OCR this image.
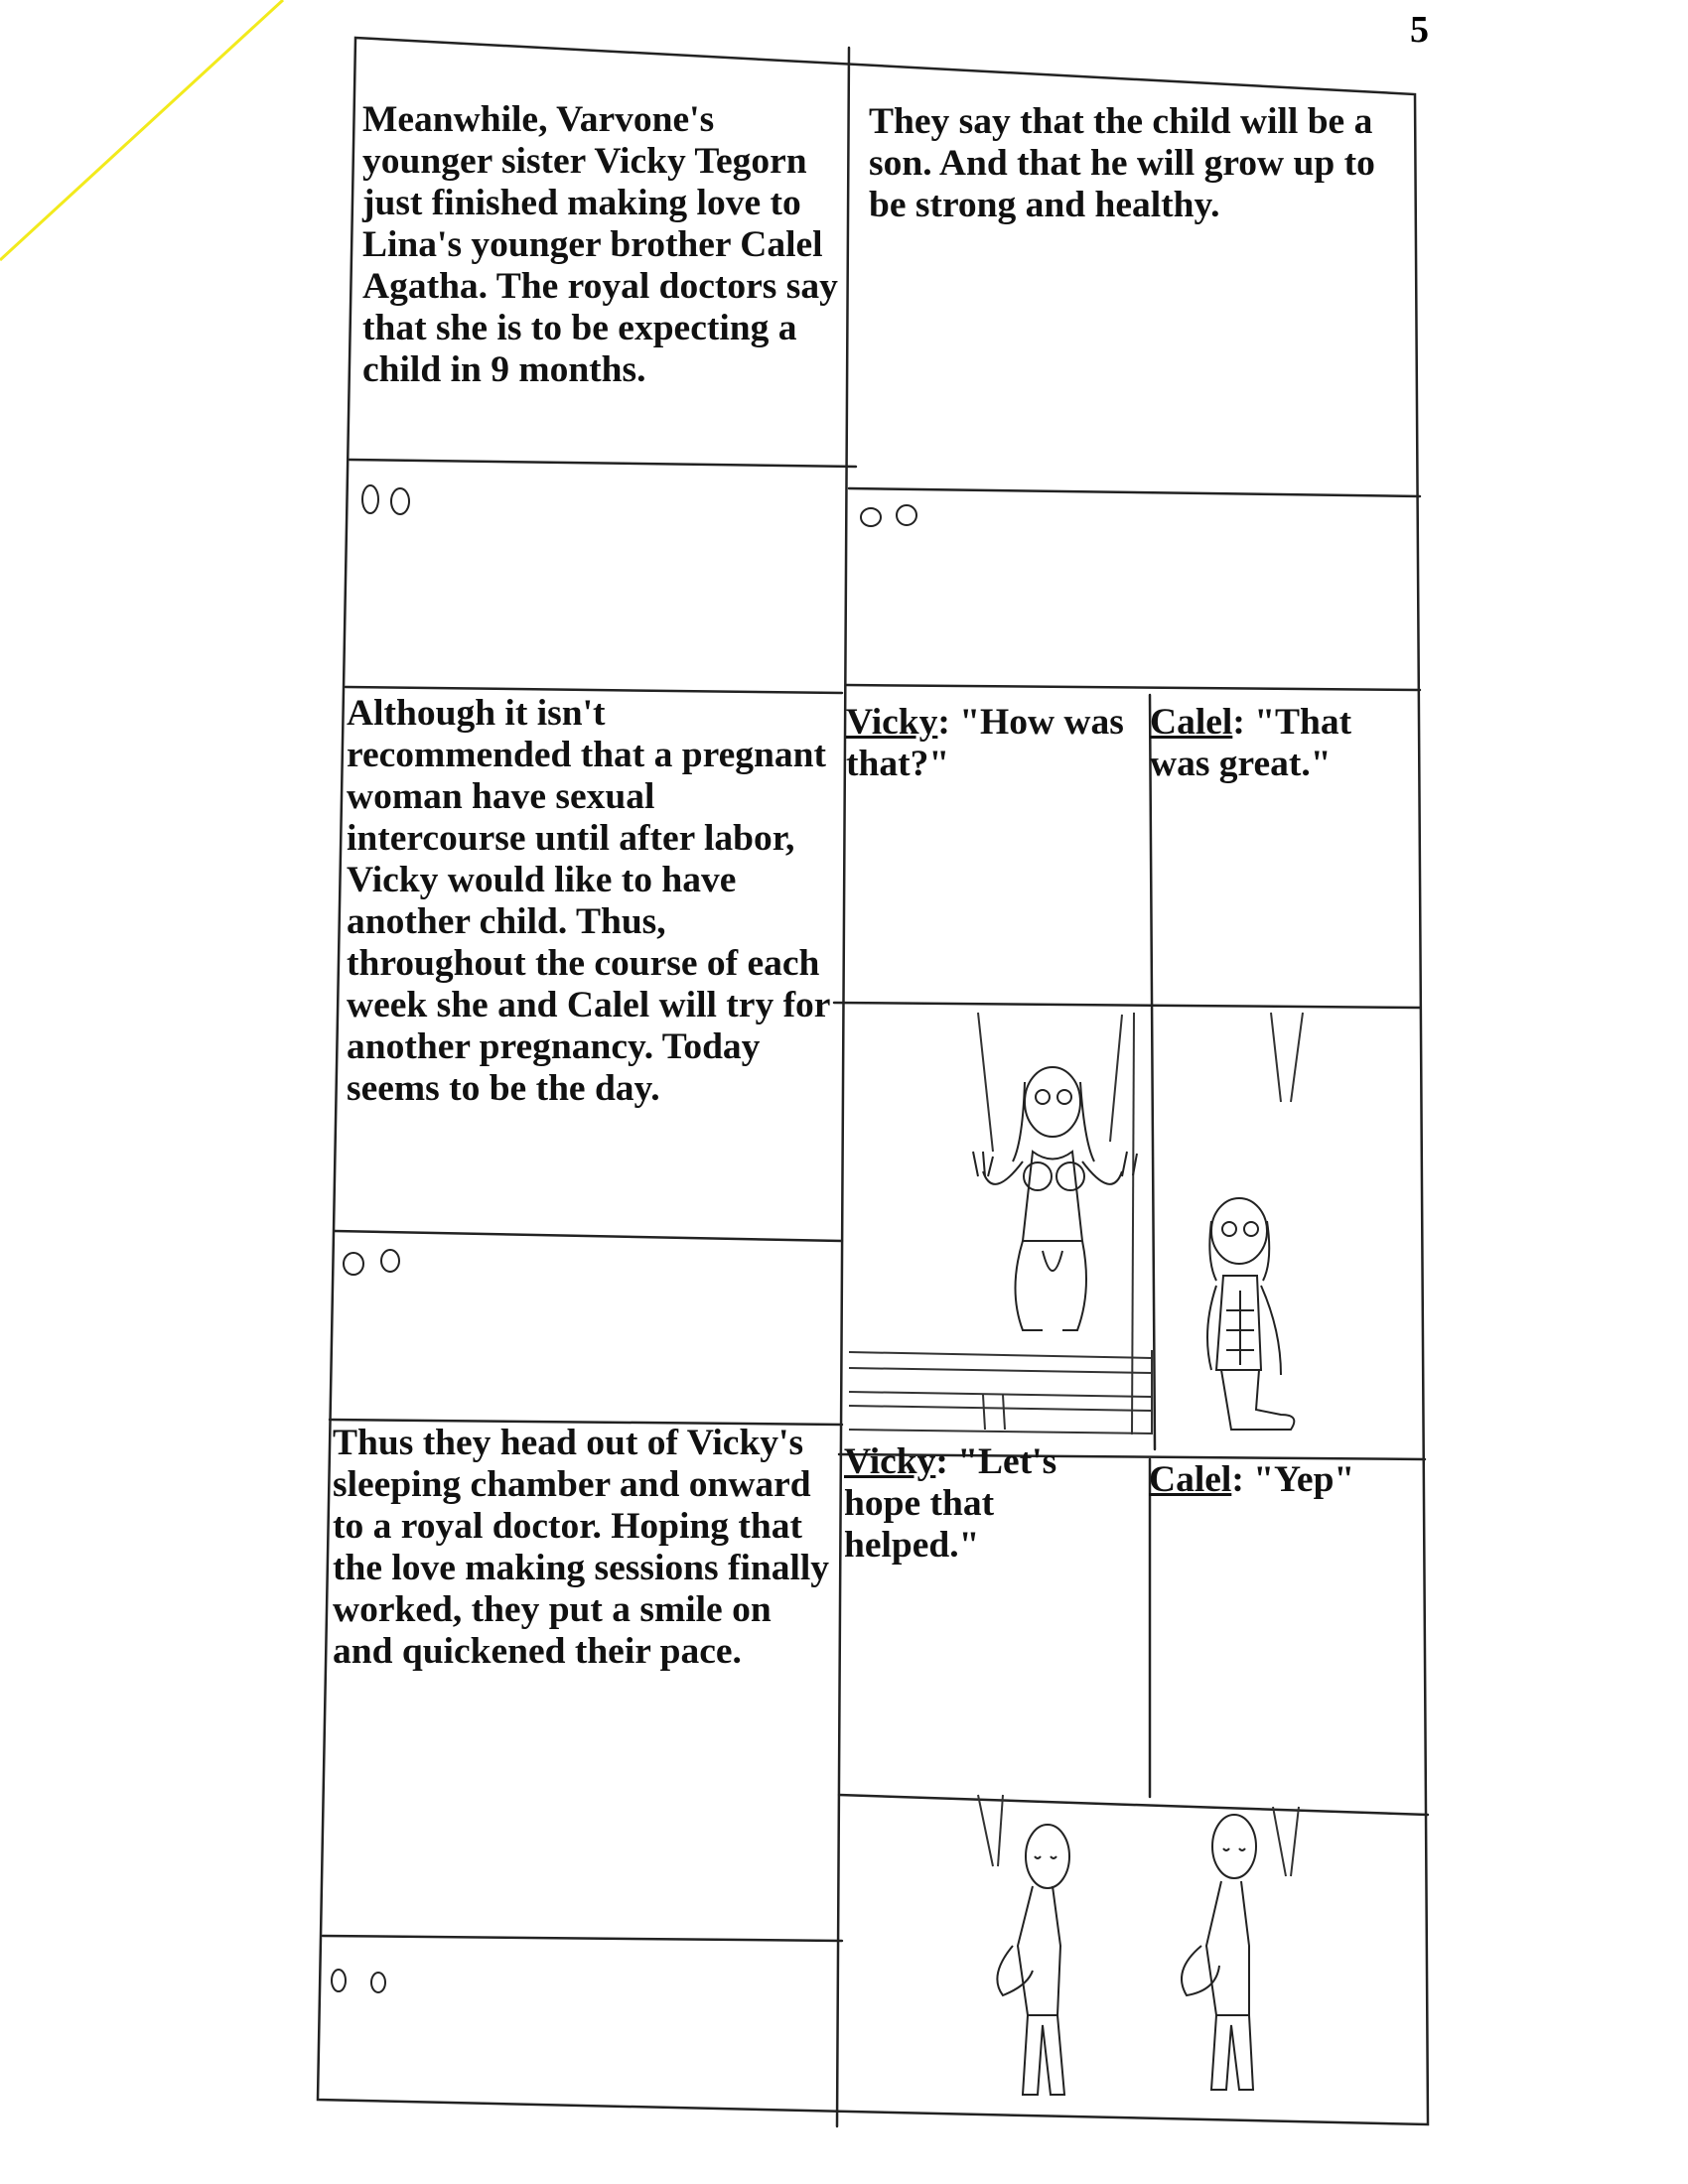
5

Meanwhile, Varvone's younger sister Vicky Tegorn just finished making love to Lina's younger brother Calel Agatha. The royal doctors say that she is to be expecting a child in 9 months.

They say that the child will be a son. And that he will grow up to be strong and healthy.

Although it isn't recommended that a pregnant woman have sexual intercourse until after labor, Vicky would like to have another child. Thus, throughout the course of each week she and Calel will try for another pregnancy. Today seems to be the day.

Thus they head out of Vicky's sleeping chamber and onward to a royal doctor. Hoping that the love making sessions finally worked, they put a smile on and quickened their pace.

Vicky: "How was that?"

Calel: "That was great."

Vicky: "Let's hope that helped."

Calel: "Yep"
